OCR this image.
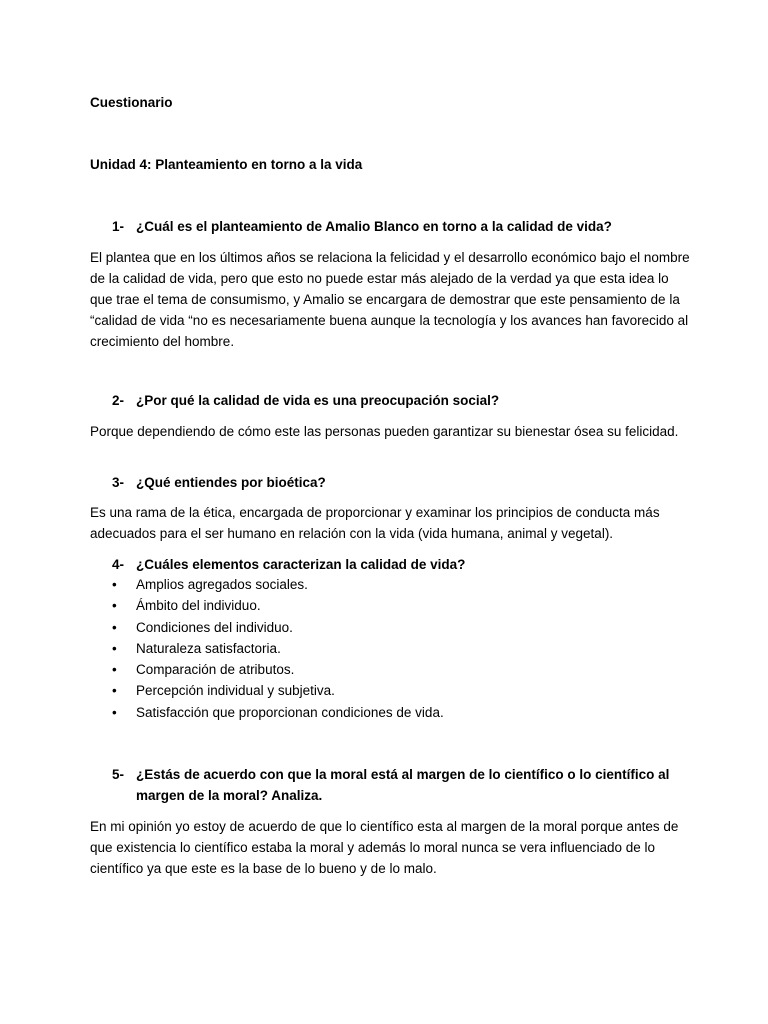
Cuestionario
Unidad 4: Planteamiento en torno a la vida
1- ¿Cuál es el planteamiento de Amalio Blanco en torno a la calidad de vida?

El plantea que en los últimos años se relaciona la felicidad y el desarrollo económico bajo el nombre de la calidad de vida, pero que esto no puede estar más alejado de la verdad ya que esta idea lo que trae el tema de consumismo, y Amalio se encargara de demostrar que este pensamiento de la “calidad de vida “no es necesariamente buena aunque la tecnología y los avances han favorecido al crecimiento del hombre.

2- ¿Por qué la calidad de vida es una preocupación social?

Porque dependiendo de cómo este las personas pueden garantizar su bienestar ósea su felicidad.

3- ¿Qué entiendes por bioética?

Es una rama de la ética, encargada de proporcionar y examinar los principios de conducta más adecuados para el ser humano en relación con la vida (vida humana, animal y vegetal).

4- ¿Cuáles elementos caracterizan la calidad de vida?
• Amplios agregados sociales.
• Ámbito del individuo.
• Condiciones del individuo.
• Naturaleza satisfactoria.
• Comparación de atributos.
• Percepción individual y subjetiva.
• Satisfacción que proporcionan condiciones de vida.
5- ¿Estás de acuerdo con que la moral está al margen de lo científico o lo científico al margen de la moral? Analiza.

En mi opinión yo estoy de acuerdo de que lo científico esta al margen de la moral porque antes de que existencia lo científico estaba la moral y además lo moral nunca se vera influenciado de lo científico ya que este es la base de lo bueno y de lo malo.
